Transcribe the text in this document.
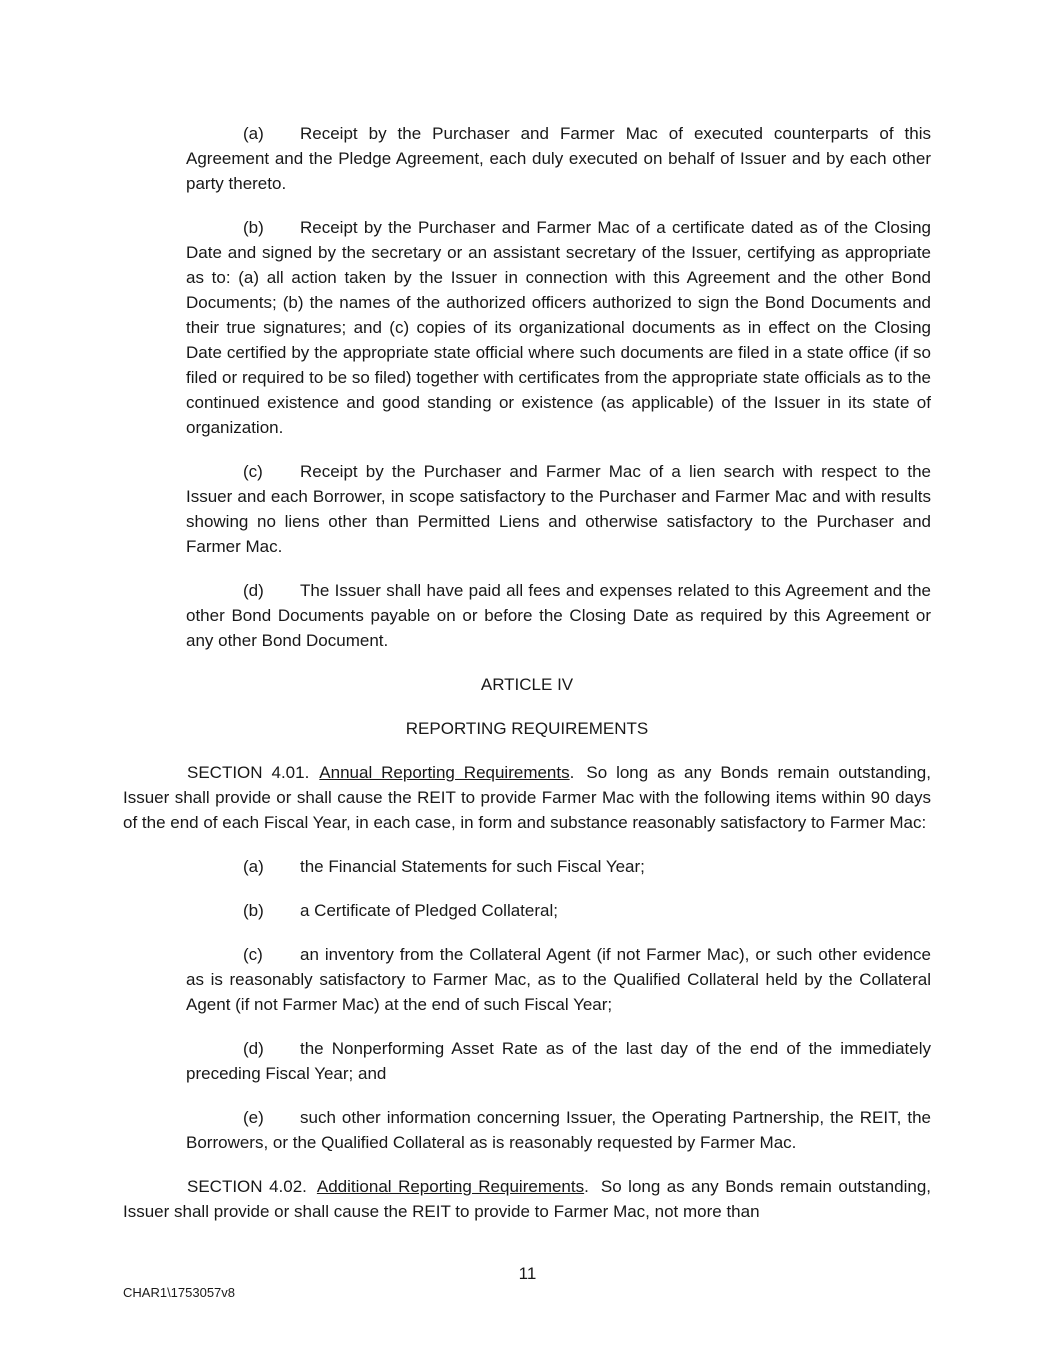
(a) Receipt by the Purchaser and Farmer Mac of executed counterparts of this Agreement and the Pledge Agreement, each duly executed on behalf of Issuer and by each other party thereto.

(b) Receipt by the Purchaser and Farmer Mac of a certificate dated as of the Closing Date and signed by the secretary or an assistant secretary of the Issuer, certifying as appropriate as to: (a) all action taken by the Issuer in connection with this Agreement and the other Bond Documents; (b) the names of the authorized officers authorized to sign the Bond Documents and their true signatures; and (c) copies of its organizational documents as in effect on the Closing Date certified by the appropriate state official where such documents are filed in a state office (if so filed or required to be so filed) together with certificates from the appropriate state officials as to the continued existence and good standing or existence (as applicable) of the Issuer in its state of organization.

(c) Receipt by the Purchaser and Farmer Mac of a lien search with respect to the Issuer and each Borrower, in scope satisfactory to the Purchaser and Farmer Mac and with results showing no liens other than Permitted Liens and otherwise satisfactory to the Purchaser and Farmer Mac.

(d) The Issuer shall have paid all fees and expenses related to this Agreement and the other Bond Documents payable on or before the Closing Date as required by this Agreement or any other Bond Document.

ARTICLE IV

REPORTING REQUIREMENTS

SECTION 4.01. Annual Reporting Requirements. So long as any Bonds remain outstanding, Issuer shall provide or shall cause the REIT to provide Farmer Mac with the following items within 90 days of the end of each Fiscal Year, in each case, in form and substance reasonably satisfactory to Farmer Mac:

(a) the Financial Statements for such Fiscal Year;

(b) a Certificate of Pledged Collateral;

(c) an inventory from the Collateral Agent (if not Farmer Mac), or such other evidence as is reasonably satisfactory to Farmer Mac, as to the Qualified Collateral held by the Collateral Agent (if not Farmer Mac) at the end of such Fiscal Year;

(d) the Nonperforming Asset Rate as of the last day of the end of the immediately preceding Fiscal Year; and

(e) such other information concerning Issuer, the Operating Partnership, the REIT, the Borrowers, or the Qualified Collateral as is reasonably requested by Farmer Mac.

SECTION 4.02. Additional Reporting Requirements. So long as any Bonds remain outstanding, Issuer shall provide or shall cause the REIT to provide to Farmer Mac, not more than

11
CHAR1\1753057v8
